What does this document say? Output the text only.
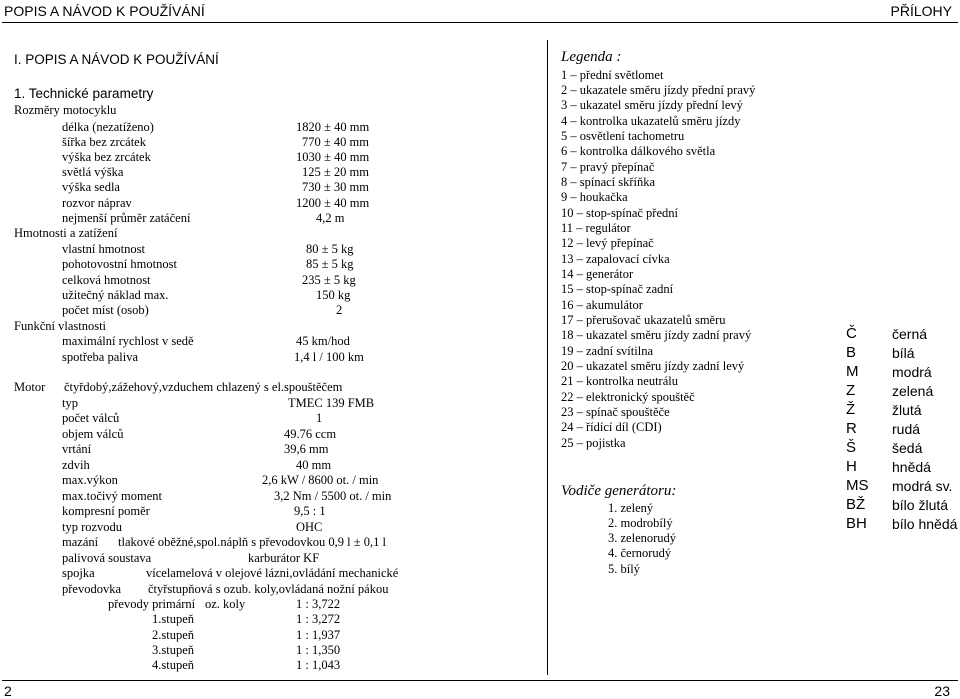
POPIS A NÁVOD K POUŽÍVÁNÍ	PŘÍLOHY
I. POPIS A NÁVOD K POUŽÍVÁNÍ
1. Technické parametry
Rozměry motocyklu
délka (nezatíženo)	1820 ± 40 mm
šířka bez zrcátek	770 ± 40 mm
výška bez zrcátek	1030 ± 40 mm
světlá výška	125 ± 20 mm
výška sedla	730 ± 30 mm
rozvor náprav	1200 ± 40 mm
nejmenší průměr zatáčení	4,2 m
Hmotnosti a zatížení
vlastní hmotnost	80 ± 5 kg
pohotovostní hmotnost	85 ± 5 kg
celková hmotnost	235 ± 5 kg
užitečný náklad max.	150 kg
počet míst (osob)	2
Funkční vlastnosti
maximální rychlost v sedě	45 km/hod
spotřeba paliva	1,4 l / 100 km
Motor čtyřdobý,zážehový,vzduchem chlazený s el.spouštěčem
typ	TMEC 139 FMB
počet válců	1
objem válců	49.76 ccm
vrtání	39,6 mm
zdvih	40 mm
max.výkon	2,6 kW / 8600 ot. / min
max.točivý moment	3,2 Nm / 5500 ot. / min
kompresní poměr	9,5 : 1
typ rozvodu	OHC
mazání tlakové oběžné,spol.náplň s převodovkou 0,9 l ± 0,1 l
palivová soustava	karburátor KF
spojka	vícelamelová v olejové lázni,ovládání mechanické
převodovka čtyřstupňová s ozub. koly,ovládaná nožní pákou
převody primární oz. koly	1 : 3,722
1.stupeň	1 : 3,272
2.stupeň	1 : 1,937
3.stupeň	1 : 1,350
4.stupeň	1 : 1,043
Legenda :
1 – přední světlomet
2 – ukazatele směru jízdy přední pravý
3 – ukazatel směru jízdy přední levý
4 – kontrolka ukazatelů směru jízdy
5 – osvětlení tachometru
6 – kontrolka dálkového světla
7 – pravý přepínač
8 – spínací skříňka
9 – houkačka
10 – stop-spínač přední
11 – regulátor
12 – levý přepínač
13 – zapalovací cívka
14 – generátor
15 – stop-spínač zadní
16 – akumulátor
17 – přerušovač ukazatelů směru
18 – ukazatel směru jízdy zadní pravý
19 – zadní svítilna
20 – ukazatel směru jízdy zadní levý
21 – kontrolka neutrálu
22 – elektronický spouštěč
23 – spínač spouštěče
24 – řídící díl (CDI)
25 – pojistka
Vodiče generátoru:
1. zelený
2. modrobílý
3. zelenorudý
4. černorudý
5. bílý
Č	černá
B	bílá
M modrá
Z	zelená
Ž	žlutá
R	rudá
Š	šedá
H	hnědá
MS modrá sv.
BŽ bílo žlutá
BH bílo hnědá
2	23
